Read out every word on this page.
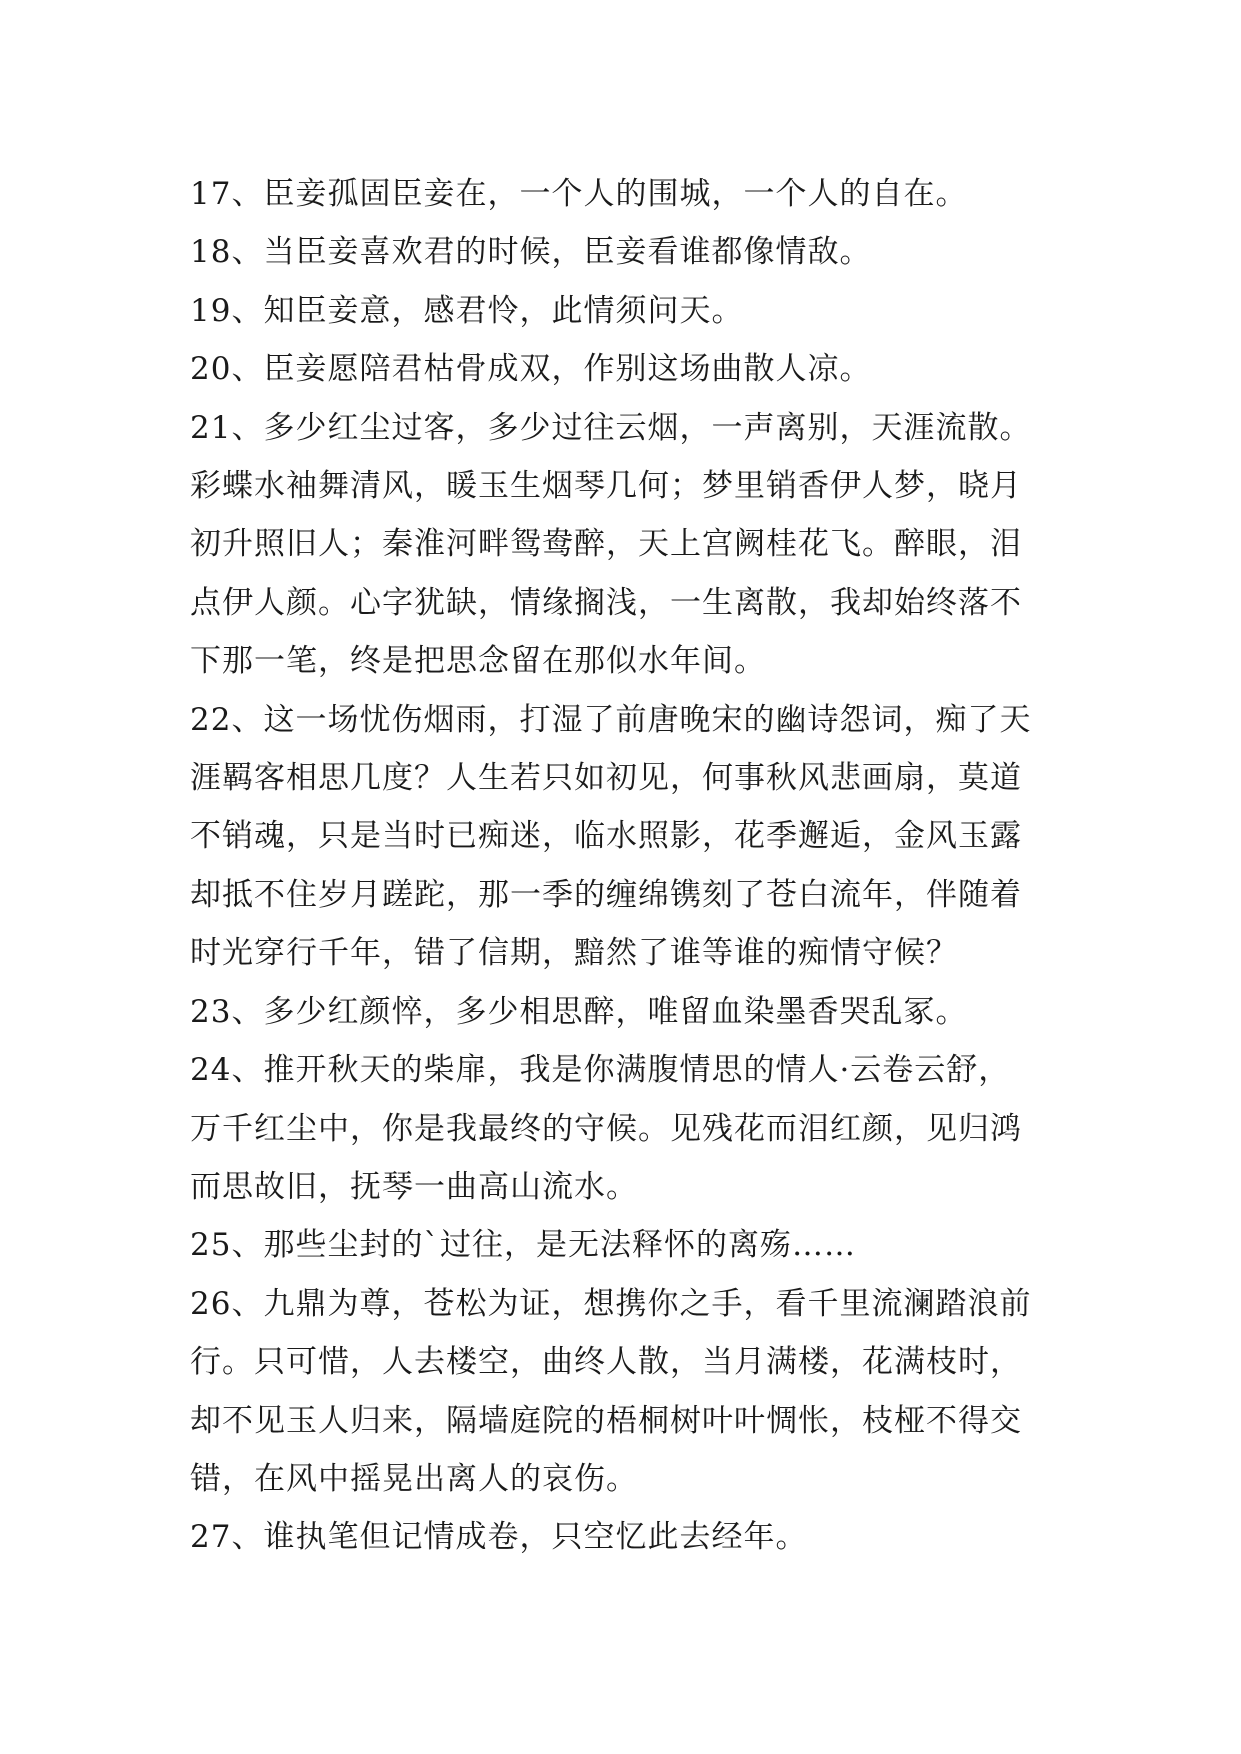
17、臣妾孤固臣妾在，一个人的围城，一个人的自在。

18、当臣妾喜欢君的时候，臣妾看谁都像情敌。

19、知臣妾意，感君怜，此情须问天。

20、臣妾愿陪君枯骨成双，作别这场曲散人凉。

21、多少红尘过客，多少过往云烟，一声离别，天涯流散。
彩蝶水袖舞清风，暖玉生烟琴几何；梦里销香伊人梦，晓月
初升照旧人；秦淮河畔鸳鸯醉，天上宫阙桂花飞。醉眼，泪
点伊人颜。心字犹缺，情缘搁浅，一生离散，我却始终落不
下那一笔，终是把思念留在那似水年间。

22、这一场忧伤烟雨，打湿了前唐晚宋的幽诗怨词，痴了天
涯羁客相思几度？人生若只如初见，何事秋风悲画扇，莫道
不销魂，只是当时已痴迷，临水照影，花季邂逅，金风玉露
却抵不住岁月蹉跎，那一季的缠绵镌刻了苍白流年，伴随着
时光穿行千年，错了信期，黯然了谁等谁的痴情守候？

23、多少红颜悴，多少相思醉，唯留血染墨香哭乱冢。

24、推开秋天的柴扉，我是你满腹情思的情人·云卷云舒，
万千红尘中，你是我最终的守候。见残花而泪红颜，见归鸿
而思故旧，抚琴一曲高山流水。

25、那些尘封的`过往，是无法释怀的离殇……

26、九鼎为尊，苍松为证，想携你之手，看千里流澜踏浪前
行。只可惜，人去楼空，曲终人散，当月满楼，花满枝时，
却不见玉人归来，隔墙庭院的梧桐树叶叶惆怅，枝桠不得交
错，在风中摇晃出离人的哀伤。

27、谁执笔但记情成卷，只空忆此去经年。
